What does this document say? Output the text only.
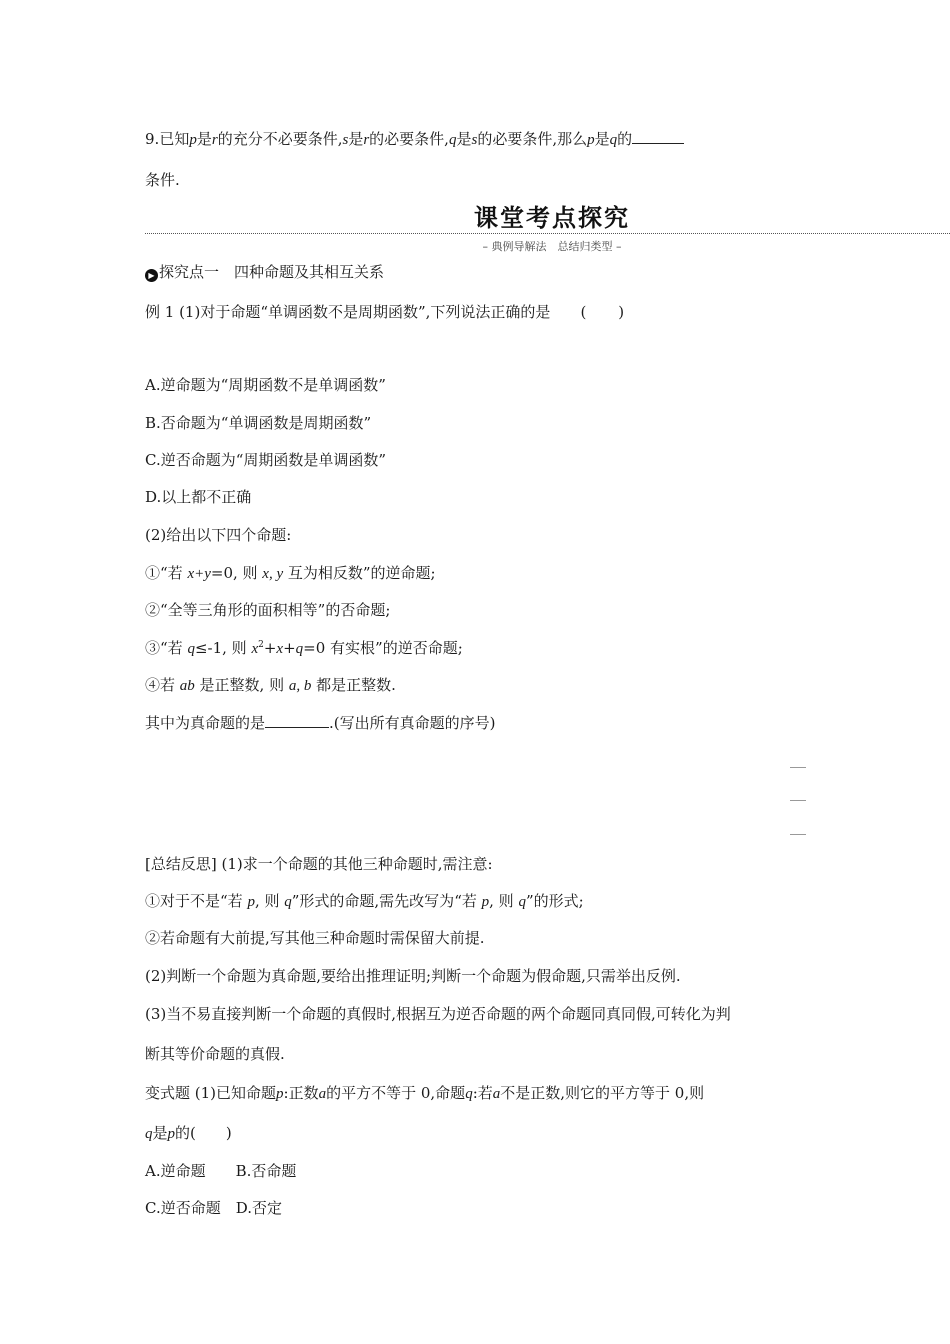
9.已知p是r的充分不必要条件,s是r的必要条件,q是s的必要条件,那么p是q的
条件.
课堂考点探究
– 典例导解法　总结归类型 –
▶ 探究点一　四种命题及其相互关系
例 1 (1)对于命题“单调函数不是周期函数”,下列说法正确的是 ( )
A.逆命题为“周期函数不是单调函数”
B.否命题为“单调函数是周期函数”
C.逆否命题为“周期函数是单调函数”
D.以上都不正确
(2)给出以下四个命题:
①“若 x+y=0, 则 x, y 互为相反数”的逆命题;
②“全等三角形的面积相等”的否命题;
③“若 q≤-1, 则 $x^2+x+q=0$ 有实根”的逆否命题;
④若 ab 是正整数, 则 a, b 都是正整数.
其中为真命题的是	.(写出所有真命题的序号)
[总结反思] (1)求一个命题的其他三种命题时,需注意:
①对于不是“若 p, 则 q”形式的命题,需先改写为“若 p, 则 q”的形式;
②若命题有大前提,写其他三种命题时需保留大前提.
(2)判断一个命题为真命题,要给出推理证明;判断一个命题为假命题,只需举出反例.
(3)当不易直接判断一个命题的真假时,根据互为逆否命题的两个命题同真同假,可转化为判
断其等价命题的真假.
变式题 (1)已知命题p:正数a的平方不等于 0,命题q:若a不是正数,则它的平方等于 0,则
q是p的(　　)
A.逆命题　　B.否命题
C.逆否命题　D.否定
